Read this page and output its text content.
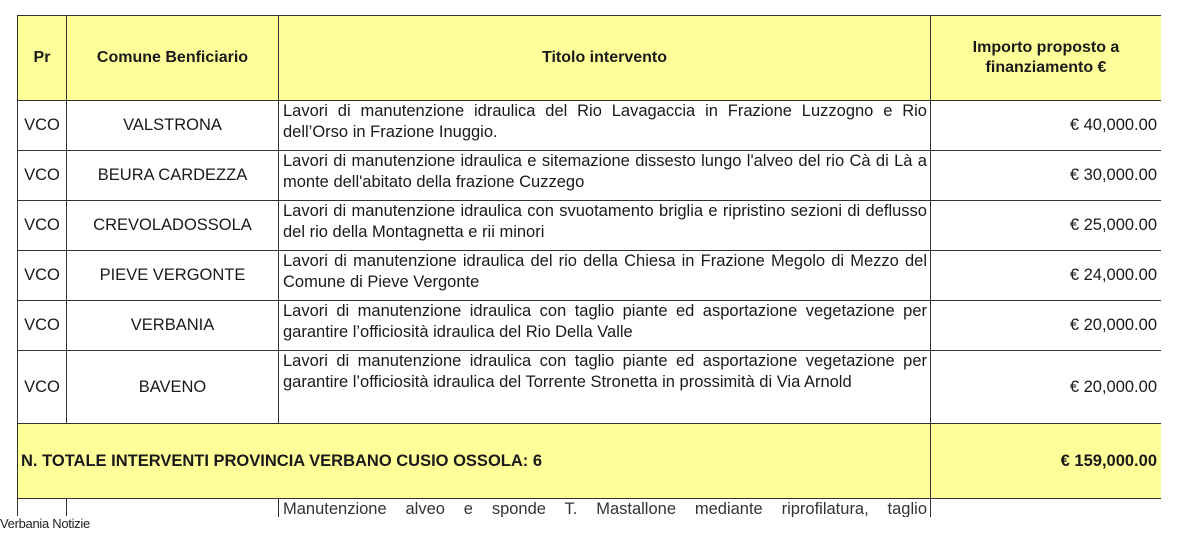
Pr	Comune Benficiario	Titolo intervento	Importo proposto a finanziamento €
VCO	VALSTRONA	Lavori di manutenzione idraulica del Rio Lavagaccia in Frazione Luzzogno e Rio dell’Orso in Frazione Inuggio.	€ 40,000.00
VCO	BEURA CARDEZZA	Lavori di manutenzione idraulica e sitemazione dissesto lungo l'alveo del rio Cà di Là a monte dell'abitato della frazione Cuzzego	€ 30,000.00
VCO	CREVOLADOSSOLA	Lavori di manutenzione idraulica con svuotamento briglia e ripristino sezioni di deflusso del rio della Montagnetta e rii minori	€ 25,000.00
VCO	PIEVE VERGONTE	Lavori di manutenzione idraulica del rio della Chiesa in Frazione Megolo di Mezzo del Comune di Pieve Vergonte	€ 24,000.00
VCO	VERBANIA	Lavori di manutenzione idraulica con taglio piante ed asportazione vegetazione per garantire l’officiosità idraulica del Rio Della Valle	€ 20,000.00
VCO	BAVENO	Lavori di manutenzione idraulica con taglio piante ed asportazione vegetazione per garantire l’officiosità idraulica del Torrente Stronetta in prossimità di Via Arnold	€ 20,000.00
N. TOTALE INTERVENTI PROVINCIA VERBANO CUSIO OSSOLA: 6			€ 159,000.00
		Manutenzione alveo e sponde T. Mastallone mediante riprofilatura, taglio	
Verbania Notizie
